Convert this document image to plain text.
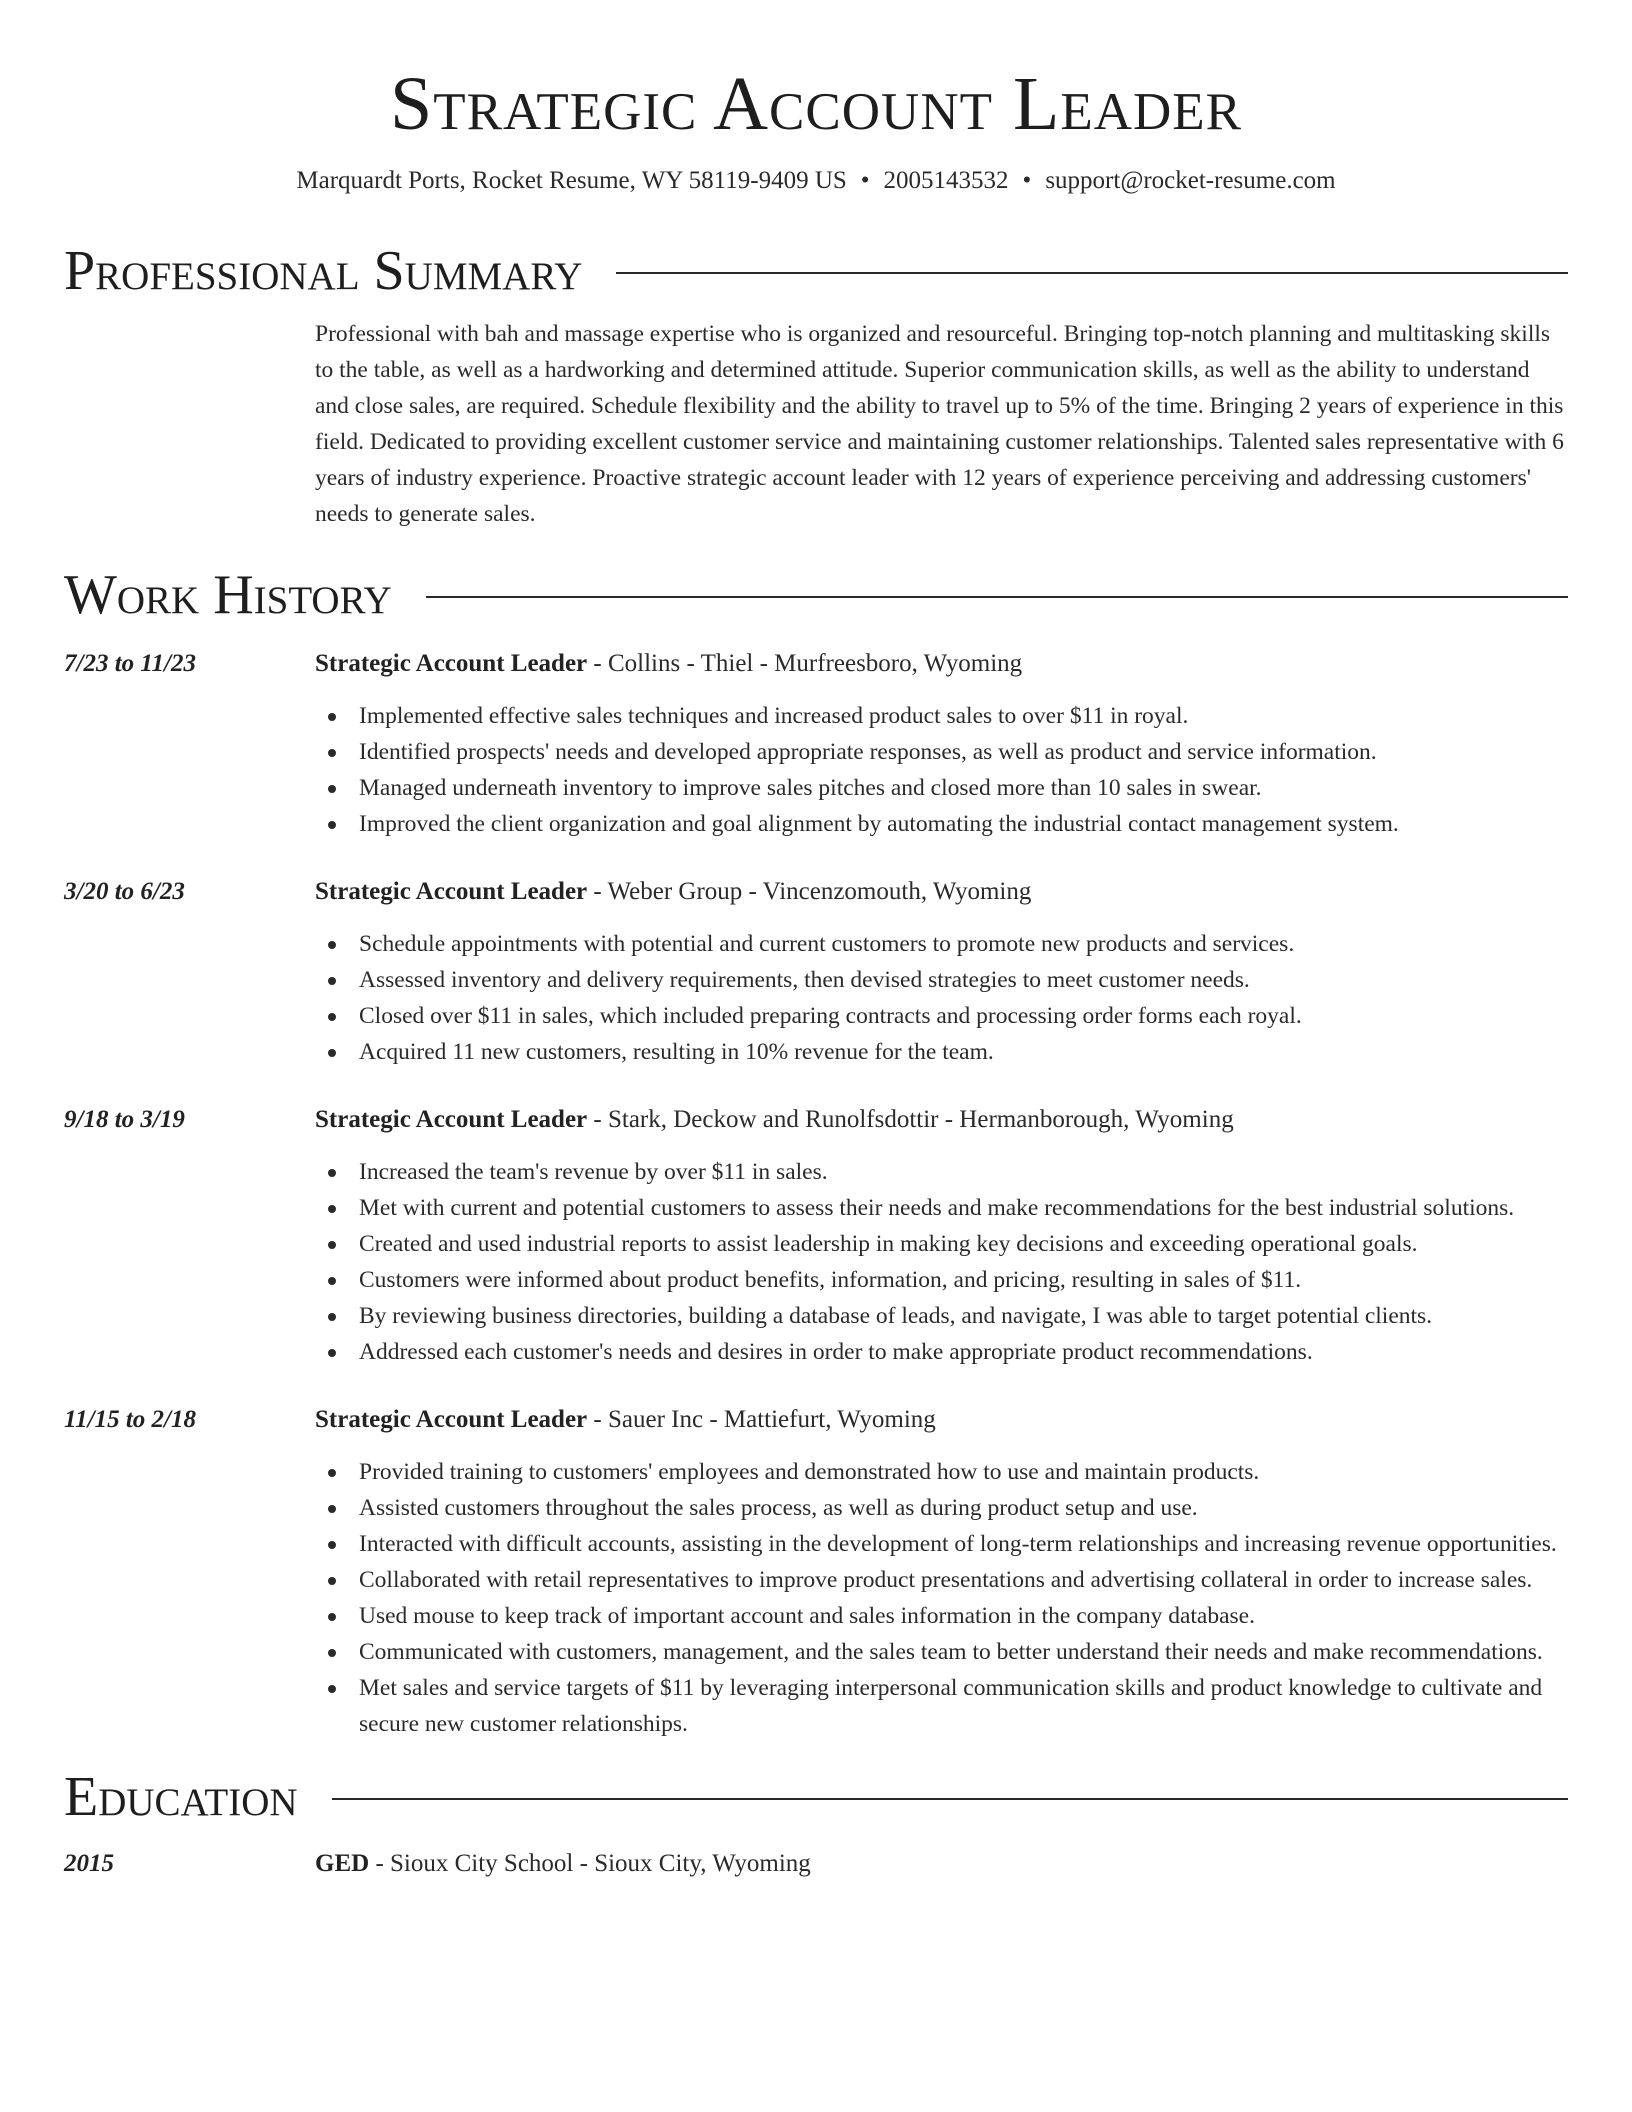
Strategic Account Leader
Marquardt Ports, Rocket Resume, WY 58119-9409 US • 2005143532 • support@rocket-resume.com
Professional Summary
Professional with bah and massage expertise who is organized and resourceful. Bringing top-notch planning and multitasking skills to the table, as well as a hardworking and determined attitude. Superior communication skills, as well as the ability to understand and close sales, are required. Schedule flexibility and the ability to travel up to 5% of the time. Bringing 2 years of experience in this field. Dedicated to providing excellent customer service and maintaining customer relationships. Talented sales representative with 6 years of industry experience. Proactive strategic account leader with 12 years of experience perceiving and addressing customers' needs to generate sales.
Work History
7/23 to 11/23	Strategic Account Leader - Collins - Thiel - Murfreesboro, Wyoming
Implemented effective sales techniques and increased product sales to over $11 in royal.
Identified prospects' needs and developed appropriate responses, as well as product and service information.
Managed underneath inventory to improve sales pitches and closed more than 10 sales in swear.
Improved the client organization and goal alignment by automating the industrial contact management system.
3/20 to 6/23	Strategic Account Leader - Weber Group - Vincenzomouth, Wyoming
Schedule appointments with potential and current customers to promote new products and services.
Assessed inventory and delivery requirements, then devised strategies to meet customer needs.
Closed over $11 in sales, which included preparing contracts and processing order forms each royal.
Acquired 11 new customers, resulting in 10% revenue for the team.
9/18 to 3/19	Strategic Account Leader - Stark, Deckow and Runolfsdottir - Hermanborough, Wyoming
Increased the team's revenue by over $11 in sales.
Met with current and potential customers to assess their needs and make recommendations for the best industrial solutions.
Created and used industrial reports to assist leadership in making key decisions and exceeding operational goals.
Customers were informed about product benefits, information, and pricing, resulting in sales of $11.
By reviewing business directories, building a database of leads, and navigate, I was able to target potential clients.
Addressed each customer's needs and desires in order to make appropriate product recommendations.
11/15 to 2/18	Strategic Account Leader - Sauer Inc - Mattiefurt, Wyoming
Provided training to customers' employees and demonstrated how to use and maintain products.
Assisted customers throughout the sales process, as well as during product setup and use.
Interacted with difficult accounts, assisting in the development of long-term relationships and increasing revenue opportunities.
Collaborated with retail representatives to improve product presentations and advertising collateral in order to increase sales.
Used mouse to keep track of important account and sales information in the company database.
Communicated with customers, management, and the sales team to better understand their needs and make recommendations.
Met sales and service targets of $11 by leveraging interpersonal communication skills and product knowledge to cultivate and secure new customer relationships.
Education
2015	GED - Sioux City School - Sioux City, Wyoming
